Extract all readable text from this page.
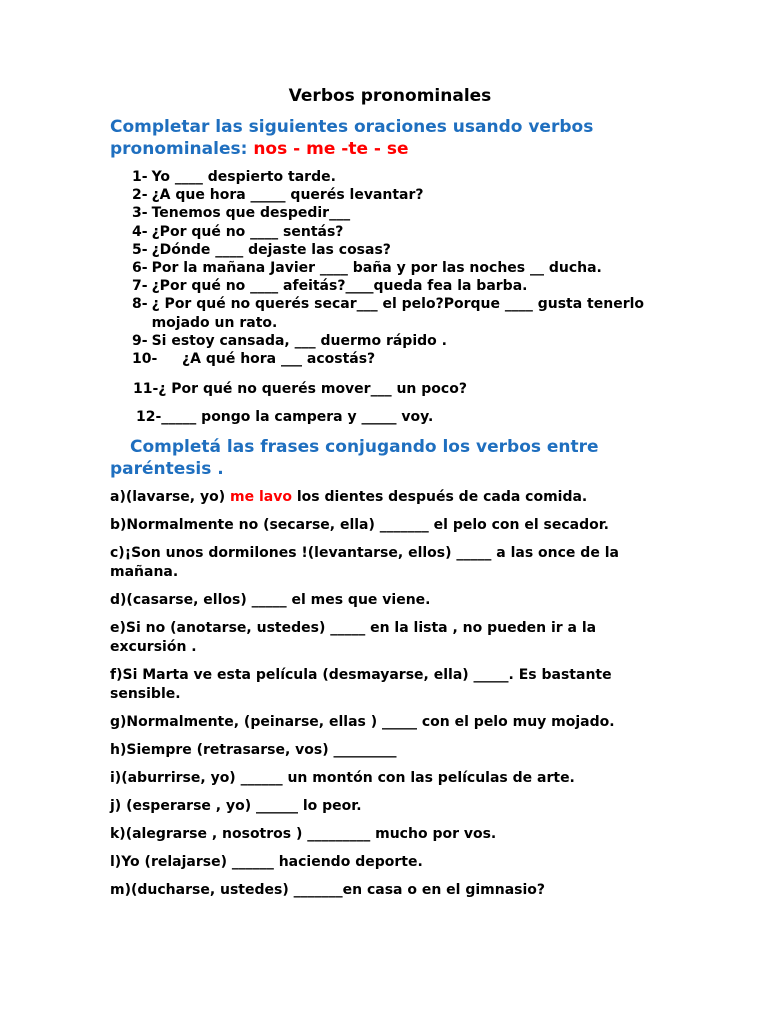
Verbos pronominales

Completar las siguientes oraciones usando verbos pronominales: nos - me -te - se

1- Yo ____ despierto tarde.
2- ¿A que hora _____ querés levantar?
3- Tenemos que despedir___
4- ¿Por qué no ____ sentás?
5- ¿Dónde ____ dejaste las cosas?
6- Por la mañana Javier ____ baña y por las noches __ ducha.
7- ¿Por qué no ____ afeitás?____queda fea la barba.
8- ¿ Por qué no querés secar___ el pelo?Porque ____ gusta tenerlo mojado un rato.
9- Si estoy cansada, ___ duermo rápido .
10-	¿A qué hora ___ acostás?

11-¿ Por qué no querés mover___ un poco?

12-_____ pongo la campera y _____ voy.

Completá las frases conjugando los verbos entre paréntesis .

a)(lavarse, yo) me lavo los dientes después de cada comida.
b)Normalmente no (secarse, ella) _______ el pelo con el secador.
c)¡Son unos dormilones !(levantarse, ellos) _____ a las once de la mañana.
d)(casarse, ellos) _____ el mes que viene.
e)Si no (anotarse, ustedes) _____ en la lista , no pueden ir a la excursión .
f)Si Marta ve esta película (desmayarse, ella) _____. Es bastante sensible.
g)Normalmente, (peinarse, ellas ) _____ con el pelo muy mojado.
h)Siempre (retrasarse, vos) _________
i)(aburrirse, yo) ______ un montón con las películas de arte.
j) (esperarse , yo) ______ lo peor.
k)(alegrarse , nosotros ) _________ mucho por vos.
l)Yo (relajarse) ______ haciendo deporte.
m)(ducharse, ustedes) _______en casa o en el gimnasio?
